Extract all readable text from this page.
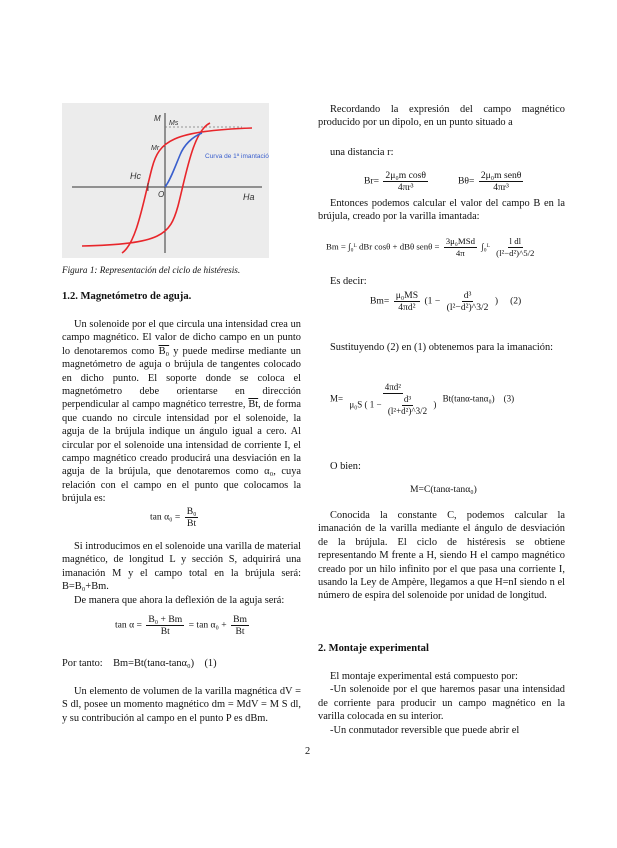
M
Ms
Mr
Hc
O	Ha
Curva de 1ª imantación

Figura 1: Representación del ciclo de histéresis.

1.2. Magnetómetro de aguja.

Un solenoide por el que circula una intensidad crea un campo magnético. El valor de dicho campo en un punto lo denotaremos como B₀ y puede medirse mediante un magnetómetro de aguja o brújula de tangentes colocado en dicho punto. El soporte donde se coloca el magnetómetro debe orientarse en dirección perpendicular al campo magnético terrestre, $\overline{Bt}$, de forma que cuando no circule intensidad por el solenoide, la aguja de la brújula indique un ángulo igual a cero. Al circular por el solenoide una intensidad de corriente I, el campo magnético creado producirá una desviación en la aguja de la brújula, que denotaremos como α₀, cuya relación con el campo en el punto que colocamos la brújula es:

$\tan \alpha_0 = \frac{\text{B₀}}{Bt}$

Si introducimos en el solenoide una varilla de material magnético, de longitud L y sección S, adquirirá una imanación M y el campo total en la brújula será: B=B₀+Bm.

De manera que ahora la deflexión de la aguja será:

$\tan \alpha = \frac{\text{B₀ + Bm}}{Bt} = \tan \alpha_0 + \frac{Bm}{Bt}$

Por tanto: Bm=Bt(tanα-tanα₀) (1)

Un elemento de volumen de la varilla magnética dV = S dl, posee un momento magnético dm = MdV = M S dl, y su contribución al campo en el punto P es dBm.

Recordando la expresión del campo magnético producido por un dipolo, en un punto situado a

una distancia r:

$Br= \frac{\text{2μ₀m cosθ}}{\text{4πr³}}$	$B\theta= \frac{\text{2μ₀m senθ}}{\text{4πr³}}$

Entonces podemos calcular el valor del campo B en la brújula, creado por la varilla imantada:

Bm = ∫₀ᴸ dBr cosθ + dBθ $sen\theta = \frac{\text{3μ₀MSd}}{4\pi}$ ∫₀ᴸ $\frac{\text{l dl}}{\text{(l²−d²)\textasciicircum{}5/2}}$

Es decir:

$Bm= \frac{\text{μ₀MS}}{\text{4πd²}} (1 - \frac{\text{d³}}{\text{(l²−d²)\textasciicircum{}3/2}}$ ) (2)

Sustituyendo (2) en (1) obtenemos para la imanación:

$M= \frac{\text{4πd²}}{\mu_0S ( 1 - \frac{\text{d³}}{\text{(l²+d²)\textasciicircum{}3/2}} )} Bt(\tan\alpha-\tan\alpha_0)$ (3)

O bien:

M=C(tanα-tanα₀)

Conocida la constante C, podemos calcular la imanación de la varilla mediante el ángulo de desviación de la brújula. El ciclo de histéresis se obtiene representando M frente a H, siendo H el campo magnético creado por un hilo infinito por el que pasa una corriente I, usando la Ley de Ampère, llegamos a que H=nI siendo n el número de espira del solenoide por unidad de longitud.

2. Montaje experimental

El montaje experimental está compuesto por:

-Un solenoide por el que haremos pasar una intensidad de corriente para producir un campo magnético en la varilla colocada en su interior.

-Un conmutador reversible que puede abrir el

2
